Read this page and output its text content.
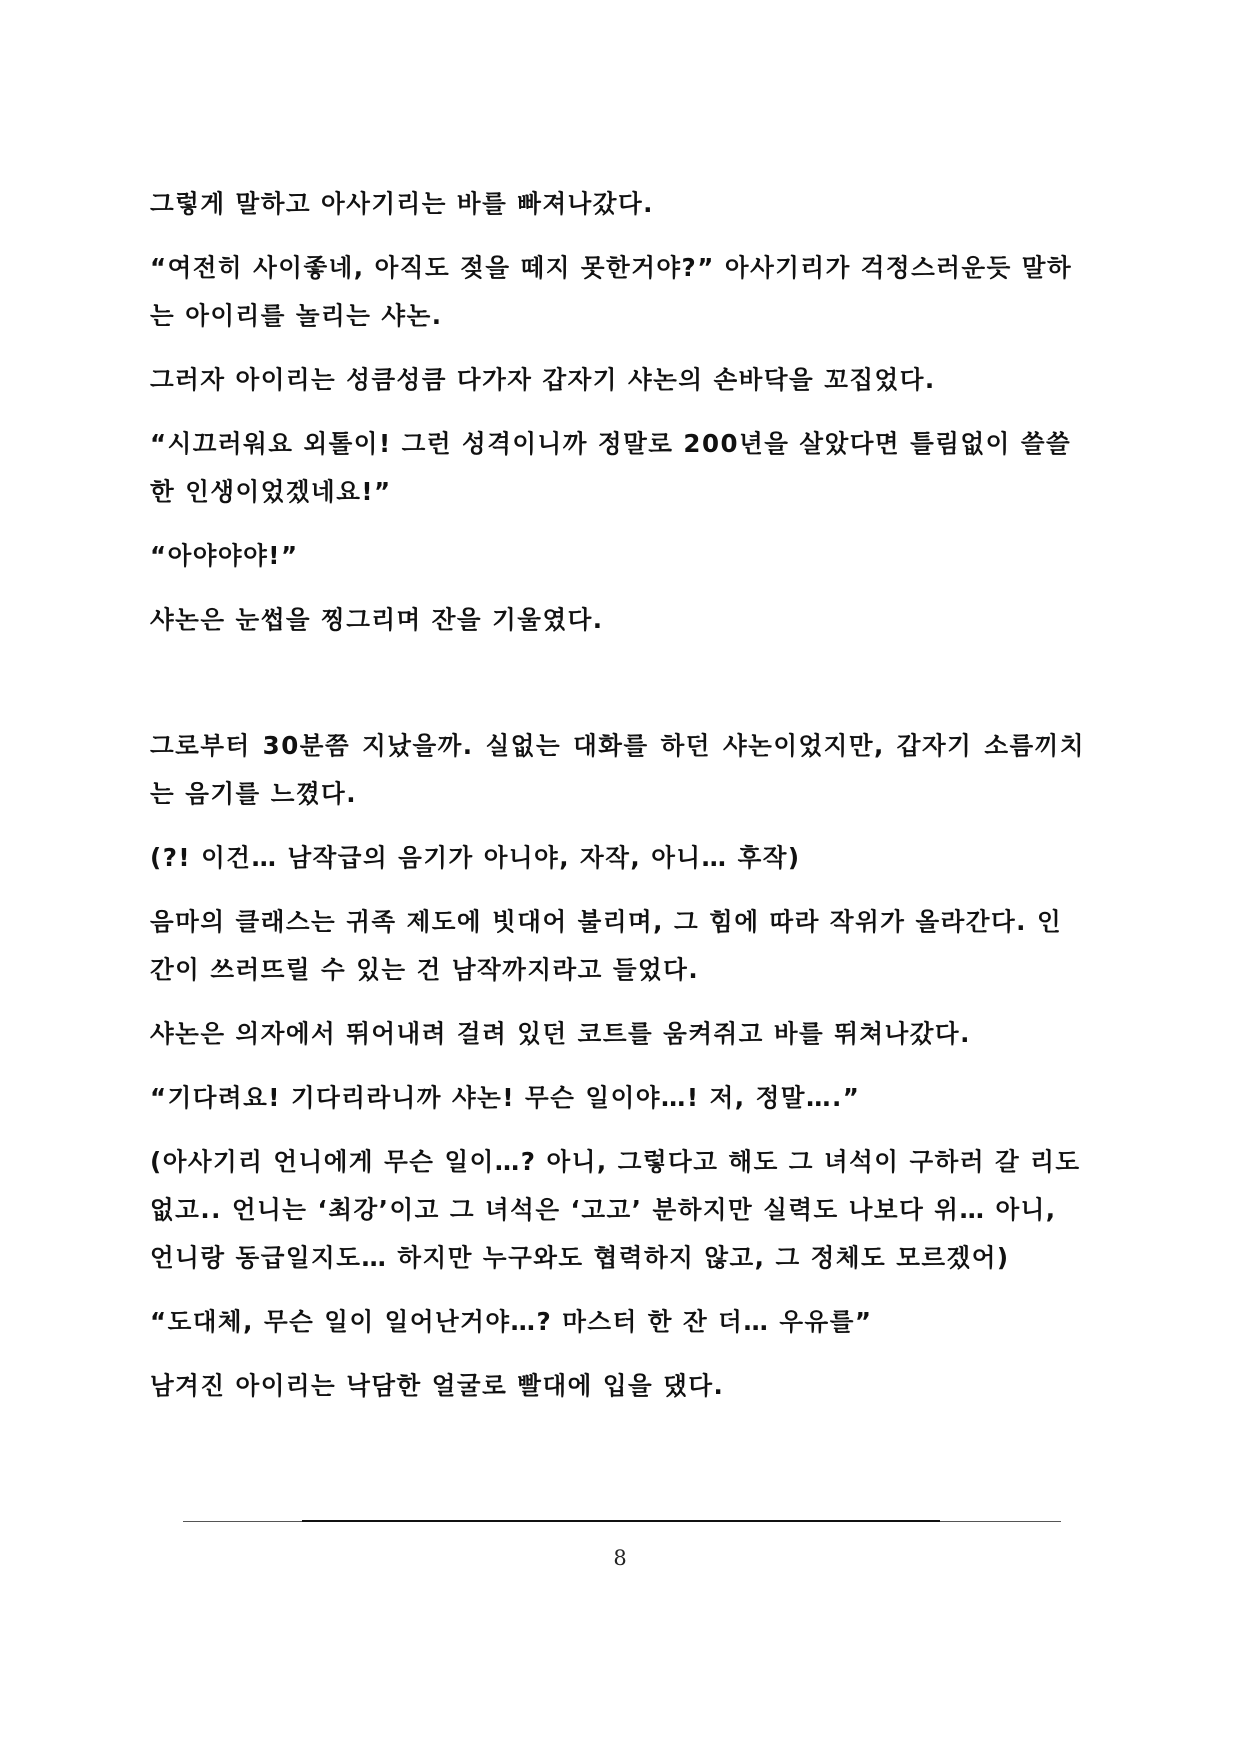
그렇게 말하고 아사기리는 바를 빠져나갔다.

“여전히 사이좋네, 아직도 젖을 떼지 못한거야?” 아사기리가 걱정스러운듯 말하는 아이리를 놀리는 샤논.

그러자 아이리는 성큼성큼 다가자 갑자기 샤논의 손바닥을 꼬집었다.

“시끄러워요 외톨이! 그런 성격이니까 정말로 200년을 살았다면 틀림없이 쓸쓸한 인생이었겠네요!”

“아야야야!”

샤논은 눈썹을 찡그리며 잔을 기울였다.

그로부터 30분쯤 지났을까. 실없는 대화를 하던 샤논이었지만, 갑자기 소름끼치는 음기를 느꼈다.

(?! 이건… 남작급의 음기가 아니야, 자작, 아니… 후작)

음마의 클래스는 귀족 제도에 빗대어 불리며, 그 힘에 따라 작위가 올라간다. 인간이 쓰러뜨릴 수 있는 건 남작까지라고 들었다.

샤논은 의자에서 뛰어내려 걸려 있던 코트를 움켜쥐고 바를 뛰쳐나갔다.

“기다려요! 기다리라니까 샤논! 무슨 일이야…! 저, 정말….”

(아사기리 언니에게 무슨 일이…? 아니, 그렇다고 해도 그 녀석이 구하러 갈 리도 없고.. 언니는 ‘최강’이고 그 녀석은 ‘고고’ 분하지만 실력도 나보다 위… 아니, 언니랑 동급일지도… 하지만 누구와도 협력하지 않고, 그 정체도 모르겠어)

“도대체, 무슨 일이 일어난거야…? 마스터 한 잔 더… 우유를”

남겨진 아이리는 낙담한 얼굴로 빨대에 입을 댔다.

8
